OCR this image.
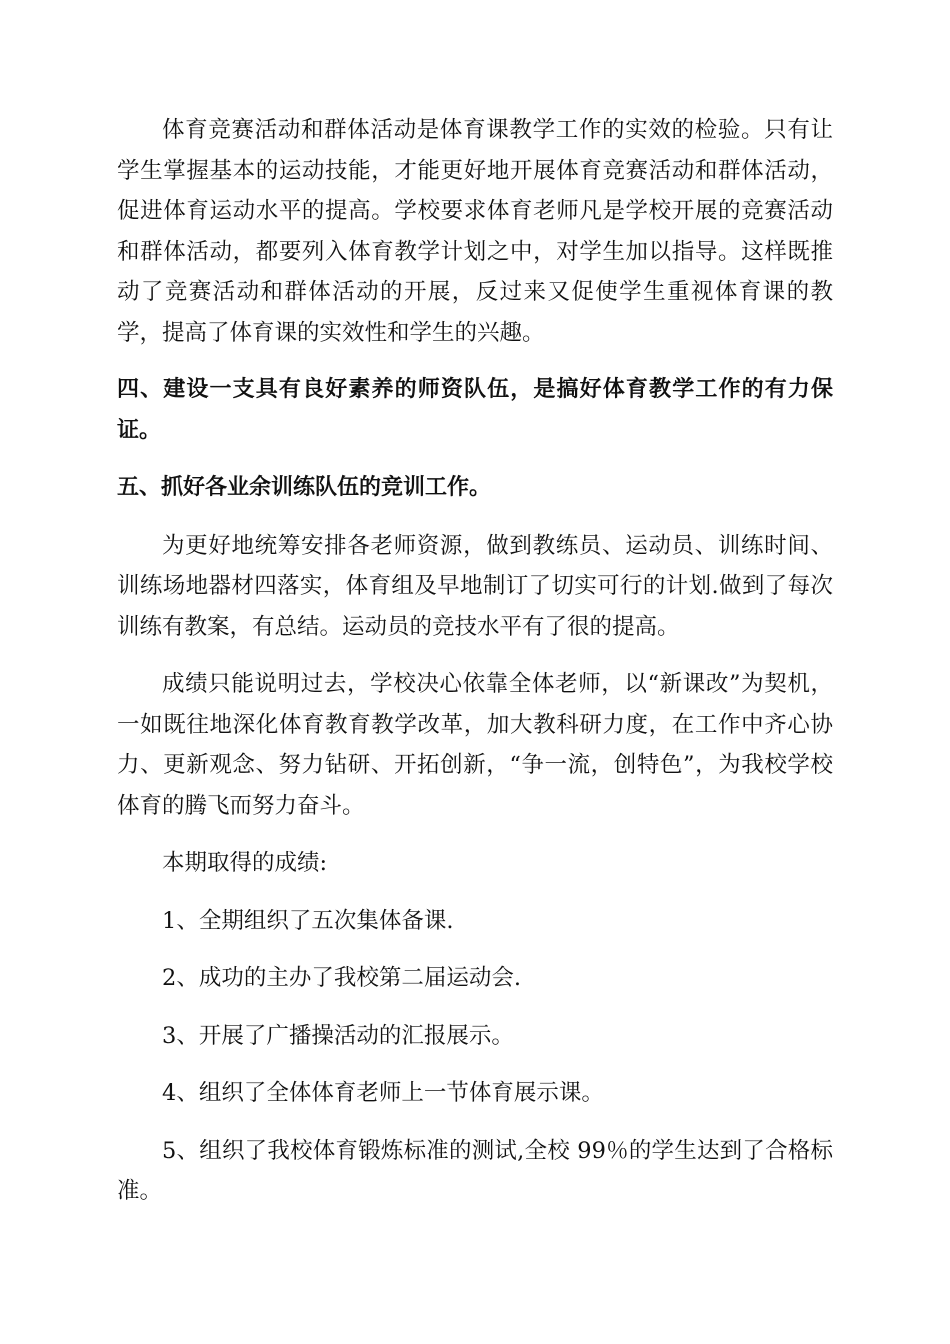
体育竞赛活动和群体活动是体育课教学工作的实效的检验。只有让学生掌握基本的运动技能，才能更好地开展体育竞赛活动和群体活动，促进体育运动水平的提高。学校要求体育老师凡是学校开展的竞赛活动和群体活动，都要列入体育教学计划之中，对学生加以指导。这样既推动了竞赛活动和群体活动的开展，反过来又促使学生重视体育课的教学，提高了体育课的实效性和学生的兴趣。

四、建设一支具有良好素养的师资队伍，是搞好体育教学工作的有力保证。

五、抓好各业余训练队伍的竞训工作。

为更好地统筹安排各老师资源，做到教练员、运动员、训练时间、训练场地器材四落实，体育组及早地制订了切实可行的计划.做到了每次训练有教案，有总结。运动员的竞技水平有了很的提高。

成绩只能说明过去，学校决心依靠全体老师，以“新课改”为契机，一如既往地深化体育教育教学改革，加大教科研力度，在工作中齐心协力、更新观念、努力钻研、开拓创新，“争一流，创特色”，为我校学校体育的腾飞而努力奋斗。

本期取得的成绩:

1、全期组织了五次集体备课.

2、成功的主办了我校第二届运动会.

3、开展了广播操活动的汇报展示。

4、组织了全体体育老师上一节体育展示课。

5、组织了我校体育锻炼标准的测试,全校 99％的学生达到了合格标准。
